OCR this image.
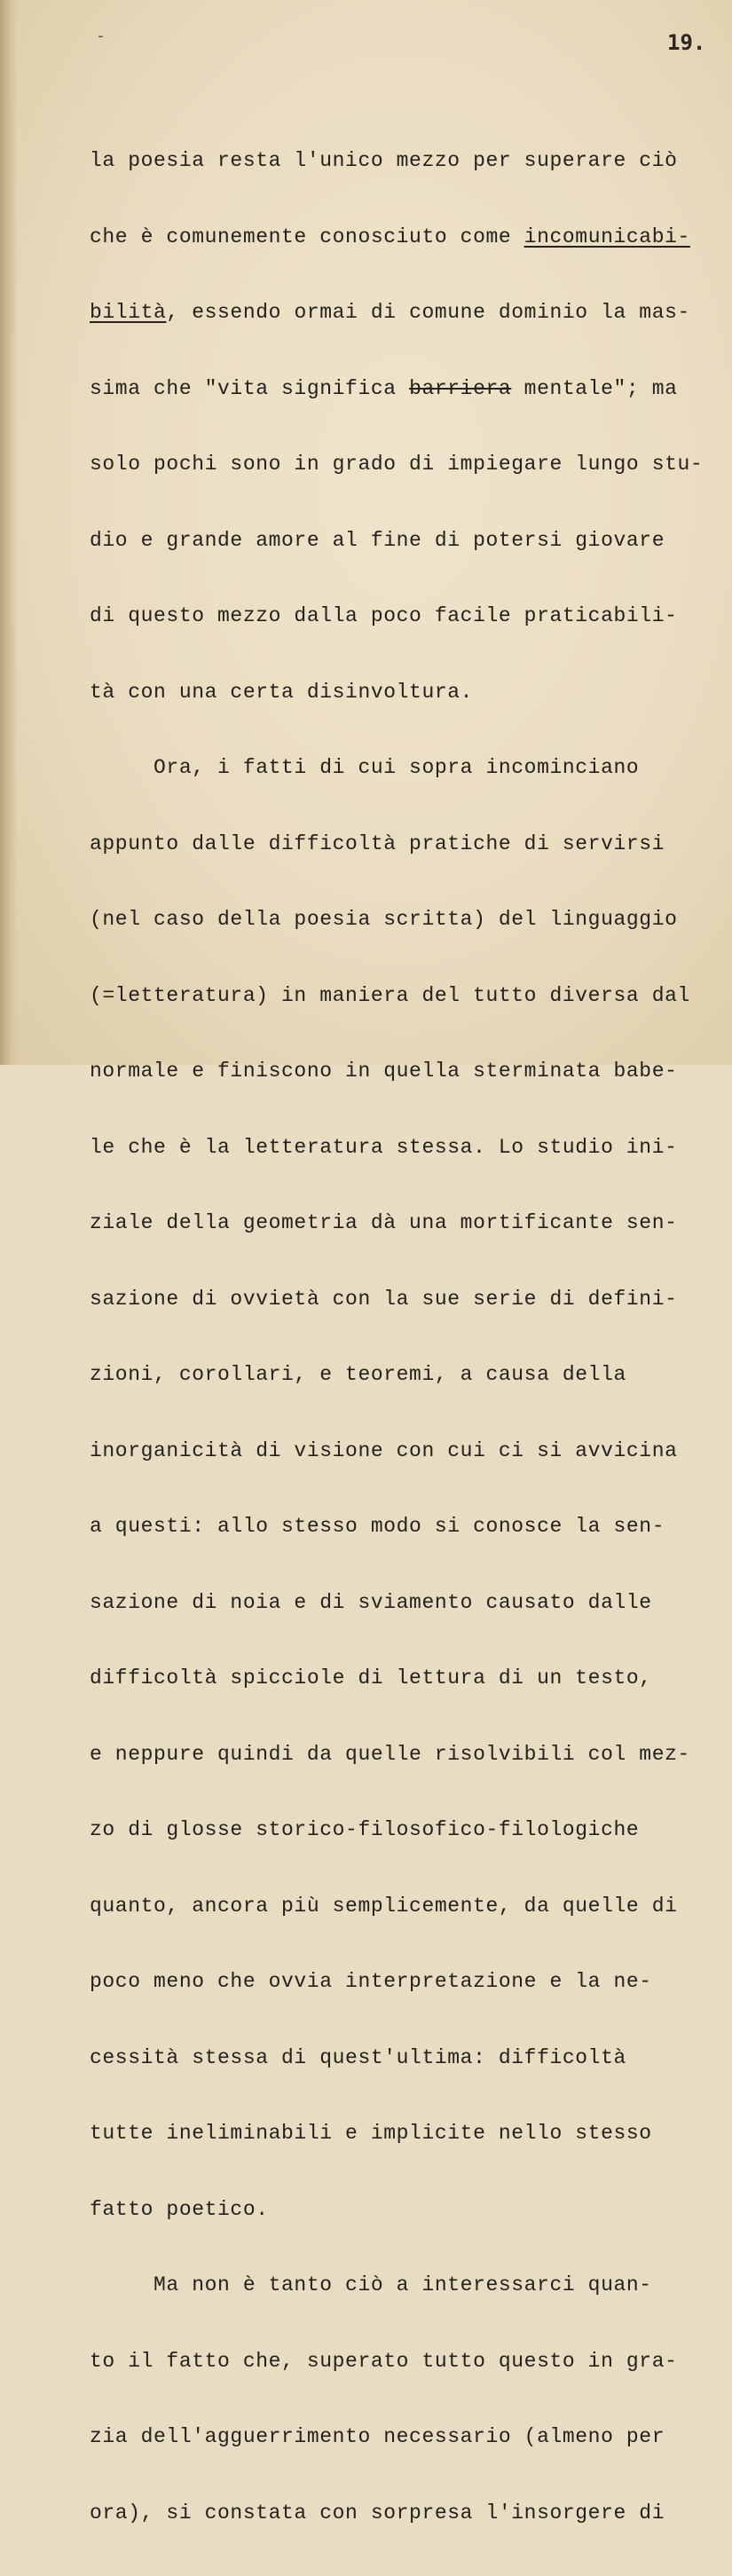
-	19.

la poesia resta l'unico mezzo per superare ciò

che è comunemente conosciuto come incomunicabi-

bilità, essendo ormai di comune dominio la mas-

sima che "vita significa barriera mentale"; ma

solo pochi sono in grado di impiegare lungo stu-

dio e grande amore al fine di potersi giovare

di questo mezzo dalla poco facile praticabili-

tà con una certa disinvoltura.

Ora, i fatti di cui sopra incominciano

appunto dalle difficoltà pratiche di servirsi

(nel caso della poesia scritta) del linguaggio

(=letteratura) in maniera del tutto diversa dal

normale e finiscono in quella sterminata babe-

le che è la letteratura stessa. Lo studio ini-

ziale della geometria dà una mortificante sen-

sazione di ovvietà con la sue serie di defini-

zioni, corollari, e teoremi, a causa della

inorganicità di visione con cui ci si avvicina

a questi: allo stesso modo si conosce la sen-

sazione di noia e di sviamento causato dalle

difficoltà spicciole di lettura di un testo,

e neppure quindi da quelle risolvibili col mez-

zo di glosse storico-filosofico-filologiche

quanto, ancora più semplicemente, da quelle di

poco meno che ovvia interpretazione e la ne-

cessità stessa di quest'ultima: difficoltà

tutte ineliminabili e implicite nello stesso

fatto poetico.

Ma non è tanto ciò a interessarci quan-

to il fatto che, superato tutto questo in gra-

zia dell'agguerrimento necessario (almeno per

ora), si constata con sorpresa l'insorgere di
